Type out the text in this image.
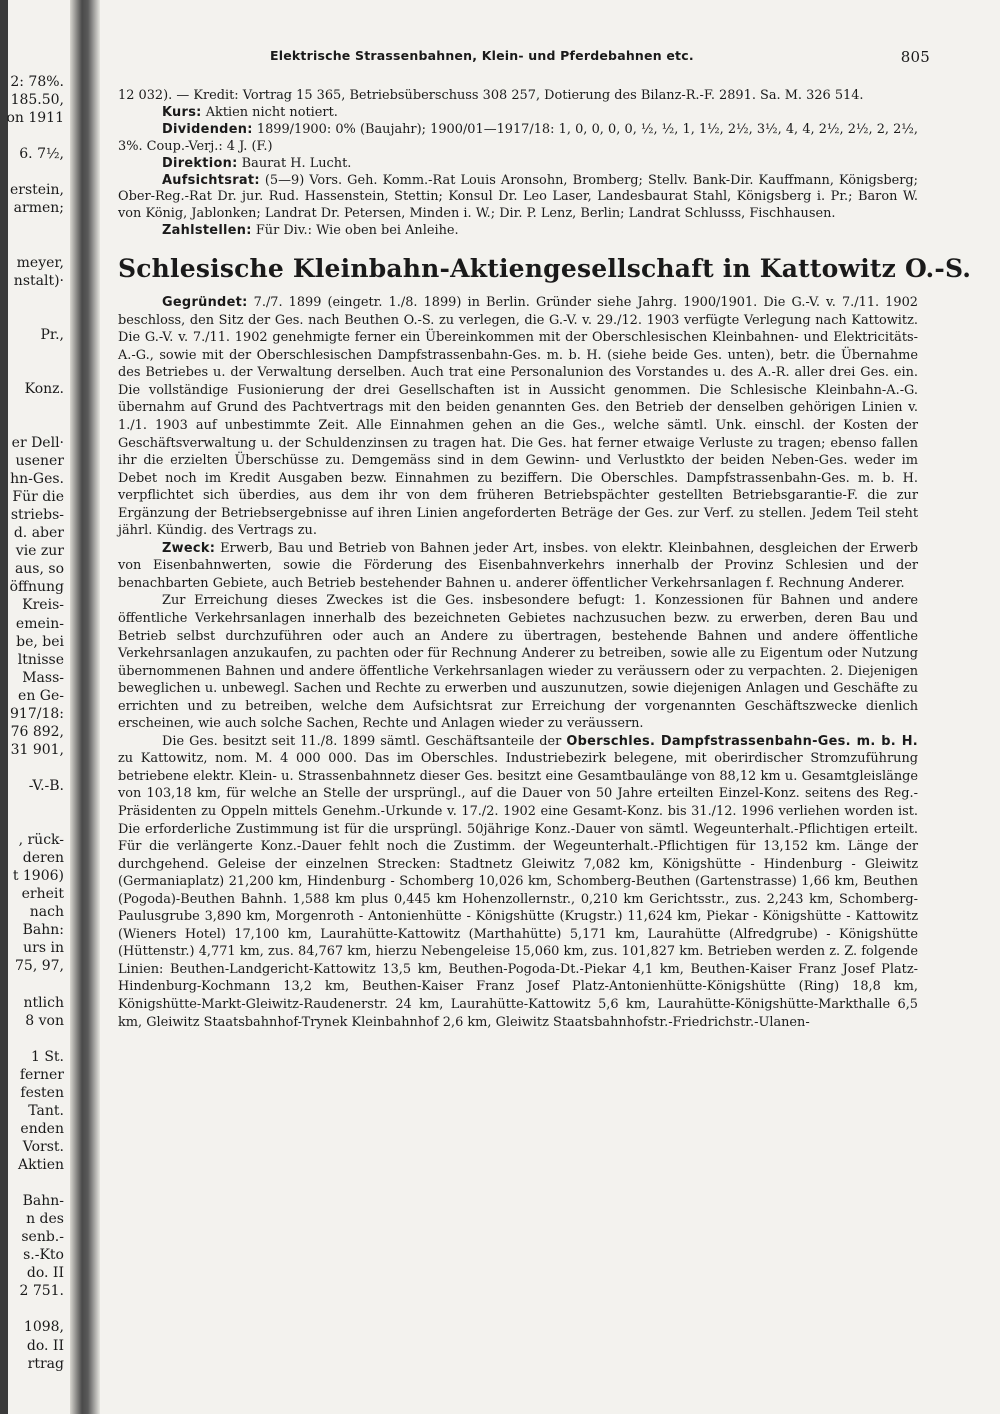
2: 78%.
185.50,
on 1911
6. 7½,
erstein,
armen;
meyer,
nstalt)·
Pr.,
Konz.
er Dell·
usener
hn-Ges.
Für die
striebs-
d. aber
vie zur
aus, so
öffnung
Kreis-
emein-
be, bei
ltnisse
Mass-
en Ge-
917/18:
76 892,
31 901,
-V.-B.
, rück-
deren
t 1906)
erheit
nach
Bahn:
urs in
75, 97,
ntlich
8 von
1 St.
ferner
festen
Tant.
enden
Vorst.
Aktien
Bahn-
n des
senb.-
s.-Kto
do. II
2 751.
1098,
do. II
rtrag
Elektrische Strassenbahnen, Klein- und Pferdebahnen etc.	805

12 032). — Kredit: Vortrag 15 365, Betriebsüberschuss 308 257, Dotierung des Bilanz-R.-F. 2891. Sa. M. 326 514.

Kurs: Aktien nicht notiert.

Dividenden: 1899/1900: 0% (Baujahr); 1900/01—1917/18: 1, 0, 0, 0, 0, ½, ½, 1, 1½, 2½, 3½, 4, 4, 2½, 2½, 2, 2½, 3%. Coup.-Verj.: 4 J. (F.)

Direktion: Baurat H. Lucht.

Aufsichtsrat: (5—9) Vors. Geh. Komm.-Rat Louis Aronsohn, Bromberg; Stellv. Bank-Dir. Kauffmann, Königsberg; Ober-Reg.-Rat Dr. jur. Rud. Hassenstein, Stettin; Konsul Dr. Leo Laser, Landesbaurat Stahl, Königsberg i. Pr.; Baron W. von König, Jablonken; Landrat Dr. Petersen, Minden i. W.; Dir. P. Lenz, Berlin; Landrat Schlusss, Fischhausen.

Zahlstellen: Für Div.: Wie oben bei Anleihe.

Schlesische Kleinbahn-Aktiengesellschaft in Kattowitz O.-S.

Gegründet: 7./7. 1899 (eingetr. 1./8. 1899) in Berlin. Gründer siehe Jahrg. 1900/1901. Die G.-V. v. 7./11. 1902 beschloss, den Sitz der Ges. nach Beuthen O.-S. zu verlegen, die G.-V. v. 29./12. 1903 verfügte Verlegung nach Kattowitz. Die G.-V. v. 7./11. 1902 genehmigte ferner ein Übereinkommen mit der Oberschlesischen Kleinbahnen- und Elektricitäts-A.-G., sowie mit der Oberschlesischen Dampfstrassenbahn-Ges. m. b. H. (siehe beide Ges. unten), betr. die Übernahme des Betriebes u. der Verwaltung derselben. Auch trat eine Personalunion des Vorstandes u. des A.-R. aller drei Ges. ein. Die vollständige Fusionierung der drei Gesellschaften ist in Aussicht genommen. Die Schlesische Kleinbahn-A.-G. übernahm auf Grund des Pachtvertrags mit den beiden genannten Ges. den Betrieb der denselben gehörigen Linien v. 1./1. 1903 auf unbestimmte Zeit. Alle Einnahmen gehen an die Ges., welche sämtl. Unk. einschl. der Kosten der Geschäftsverwaltung u. der Schuldenzinsen zu tragen hat. Die Ges. hat ferner etwaige Verluste zu tragen; ebenso fallen ihr die erzielten Überschüsse zu. Demgemäss sind in dem Gewinn- und Verlustkto der beiden Neben-Ges. weder im Debet noch im Kredit Ausgaben bezw. Einnahmen zu beziffern. Die Oberschles. Dampfstrassenbahn-Ges. m. b. H. verpflichtet sich überdies, aus dem ihr von dem früheren Betriebspächter gestellten Betriebsgarantie-F. die zur Ergänzung der Betriebsergebnisse auf ihren Linien angeforderten Beträge der Ges. zur Verf. zu stellen. Jedem Teil steht jährl. Kündig. des Vertrags zu.

Zweck: Erwerb, Bau und Betrieb von Bahnen jeder Art, insbes. von elektr. Kleinbahnen, desgleichen der Erwerb von Eisenbahnwerten, sowie die Förderung des Eisenbahnverkehrs innerhalb der Provinz Schlesien und der benachbarten Gebiete, auch Betrieb bestehender Bahnen u. anderer öffentlicher Verkehrsanlagen f. Rechnung Anderer.

Zur Erreichung dieses Zweckes ist die Ges. insbesondere befugt: 1. Konzessionen für Bahnen und andere öffentliche Verkehrsanlagen innerhalb des bezeichneten Gebietes nachzusuchen bezw. zu erwerben, deren Bau und Betrieb selbst durchzuführen oder auch an Andere zu übertragen, bestehende Bahnen und andere öffentliche Verkehrsanlagen anzukaufen, zu pachten oder für Rechnung Anderer zu betreiben, sowie alle zu Eigentum oder Nutzung übernommenen Bahnen und andere öffentliche Verkehrsanlagen wieder zu veräussern oder zu verpachten. 2. Diejenigen beweglichen u. unbewegl. Sachen und Rechte zu erwerben und auszunutzen, sowie diejenigen Anlagen und Geschäfte zu errichten und zu betreiben, welche dem Aufsichtsrat zur Erreichung der vorgenannten Geschäftszwecke dienlich erscheinen, wie auch solche Sachen, Rechte und Anlagen wieder zu veräussern.

Die Ges. besitzt seit 11./8. 1899 sämtl. Geschäftsanteile der Oberschles. Dampfstrassenbahn-Ges. m. b. H. zu Kattowitz, nom. M. 4 000 000. Das im Oberschles. Industriebezirk belegene, mit oberirdischer Stromzuführung betriebene elektr. Klein- u. Strassenbahnnetz dieser Ges. besitzt eine Gesamtbaulänge von 88,12 km u. Gesamtgleislänge von 103,18 km, für welche an Stelle der ursprüngl., auf die Dauer von 50 Jahre erteilten Einzel-Konz. seitens des Reg.-Präsidenten zu Oppeln mittels Genehm.-Urkunde v. 17./2. 1902 eine Gesamt-Konz. bis 31./12. 1996 verliehen worden ist. Die erforderliche Zustimmung ist für die ursprüngl. 50jährige Konz.-Dauer von sämtl. Wegeunterhalt.-Pflichtigen erteilt. Für die verlängerte Konz.-Dauer fehlt noch die Zustimm. der Wegeunterhalt.-Pflichtigen für 13,152 km. Länge der durchgehend. Geleise der einzelnen Strecken: Stadtnetz Gleiwitz 7,082 km, Königshütte - Hindenburg - Gleiwitz (Germaniaplatz) 21,200 km, Hindenburg - Schomberg 10,026 km, Schomberg-Beuthen (Gartenstrasse) 1,66 km, Beuthen (Pogoda)-Beuthen Bahnh. 1,588 km plus 0,445 km Hohenzollernstr., 0,210 km Gerichtsstr., zus. 2,243 km, Schomberg-Paulusgrube 3,890 km, Morgenroth - Antonienhütte - Königshütte (Krugstr.) 11,624 km, Piekar - Königshütte - Kattowitz (Wieners Hotel) 17,100 km, Laurahütte-Kattowitz (Marthahütte) 5,171 km, Laurahütte (Alfredgrube) - Königshütte (Hüttenstr.) 4,771 km, zus. 84,767 km, hierzu Nebengeleise 15,060 km, zus. 101,827 km. Betrieben werden z. Z. folgende Linien: Beuthen-Landgericht-Kattowitz 13,5 km, Beuthen-Pogoda-Dt.-Piekar 4,1 km, Beuthen-Kaiser Franz Josef Platz-Hindenburg-Kochmann 13,2 km, Beuthen-Kaiser Franz Josef Platz-Antonienhütte-Königshütte (Ring) 18,8 km, Königshütte-Markt-Gleiwitz-Raudenerstr. 24 km, Laurahütte-Kattowitz 5,6 km, Laurahütte-Königshütte-Markthalle 6,5 km, Gleiwitz Staatsbahnhof-Trynek Kleinbahnhof 2,6 km, Gleiwitz Staatsbahnhofstr.-Friedrichstr.-Ulanen-
